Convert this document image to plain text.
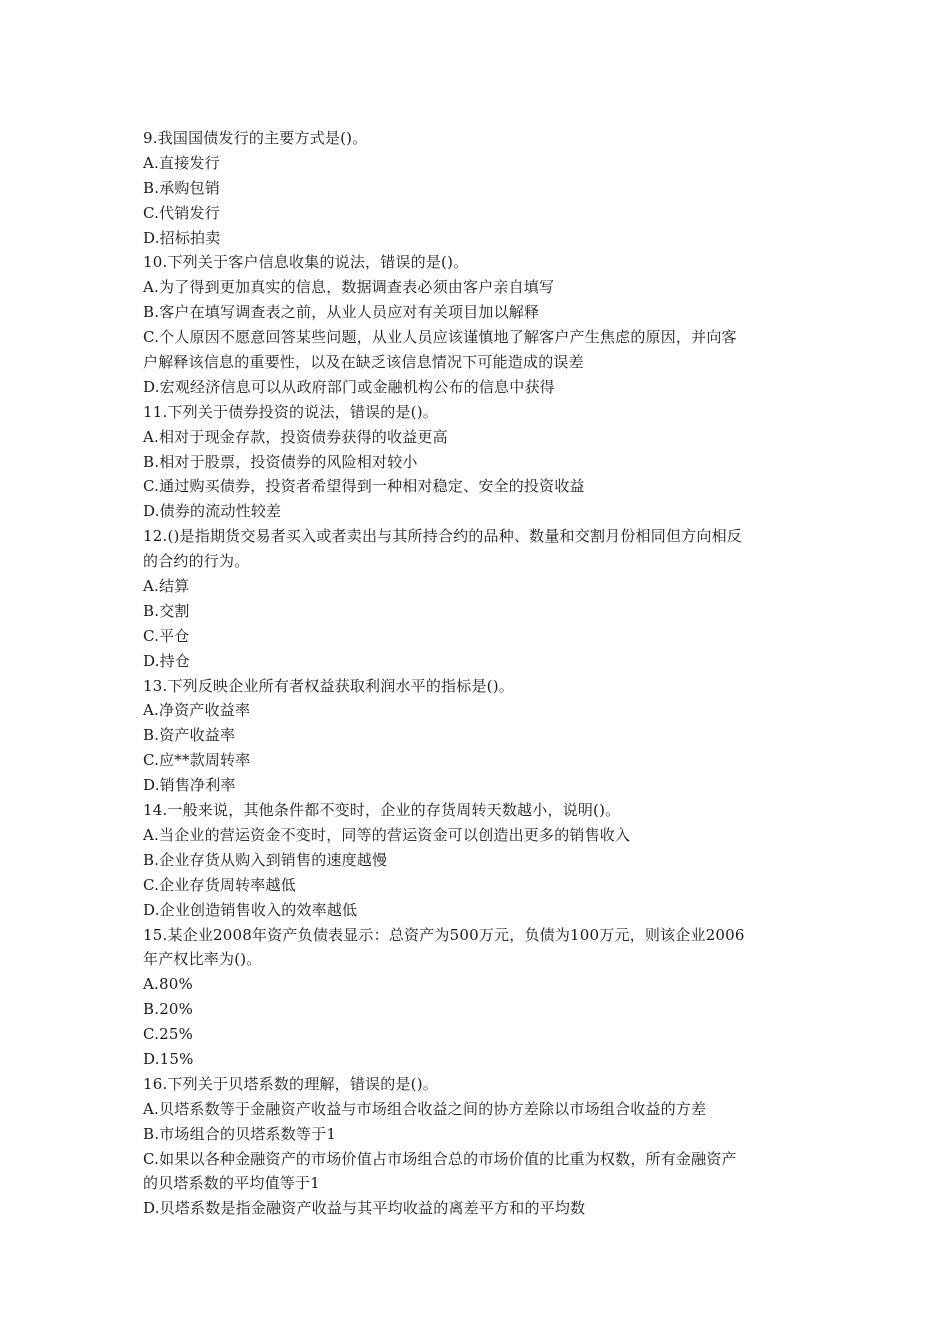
9.我国国债发行的主要方式是()。
A.直接发行
B.承购包销
C.代销发行
D.招标拍卖
10.下列关于客户信息收集的说法，错误的是()。
A.为了得到更加真实的信息，数据调查表必须由客户亲自填写
B.客户在填写调查表之前，从业人员应对有关项目加以解释
C.个人原因不愿意回答某些问题，从业人员应该谨慎地了解客户产生焦虑的原因，并向客
户解释该信息的重要性，以及在缺乏该信息情况下可能造成的误差
D.宏观经济信息可以从政府部门或金融机构公布的信息中获得
11.下列关于债券投资的说法，错误的是()。
A.相对于现金存款，投资债券获得的收益更高
B.相对于股票，投资债券的风险相对较小
C.通过购买债券，投资者希望得到一种相对稳定、安全的投资收益
D.债券的流动性较差
12.()是指期货交易者买入或者卖出与其所持合约的品种、数量和交割月份相同但方向相反
的合约的行为。
A.结算
B.交割
C.平仓
D.持仓
13.下列反映企业所有者权益获取利润水平的指标是()。
A.净资产收益率
B.资产收益率
C.应**款周转率
D.销售净利率
14.一般来说，其他条件都不变时，企业的存货周转天数越小，说明()。
A.当企业的营运资金不变时，同等的营运资金可以创造出更多的销售收入
B.企业存货从购入到销售的速度越慢
C.企业存货周转率越低
D.企业创造销售收入的效率越低
15.某企业2008年资产负债表显示：总资产为500万元，负债为100万元，则该企业2006
年产权比率为()。
A.80%
B.20%
C.25%
D.15%
16.下列关于贝塔系数的理解，错误的是()。
A.贝塔系数等于金融资产收益与市场组合收益之间的协方差除以市场组合收益的方差
B.市场组合的贝塔系数等于1
C.如果以各种金融资产的市场价值占市场组合总的市场价值的比重为权数，所有金融资产
的贝塔系数的平均值等于1
D.贝塔系数是指金融资产收益与其平均收益的离差平方和的平均数
